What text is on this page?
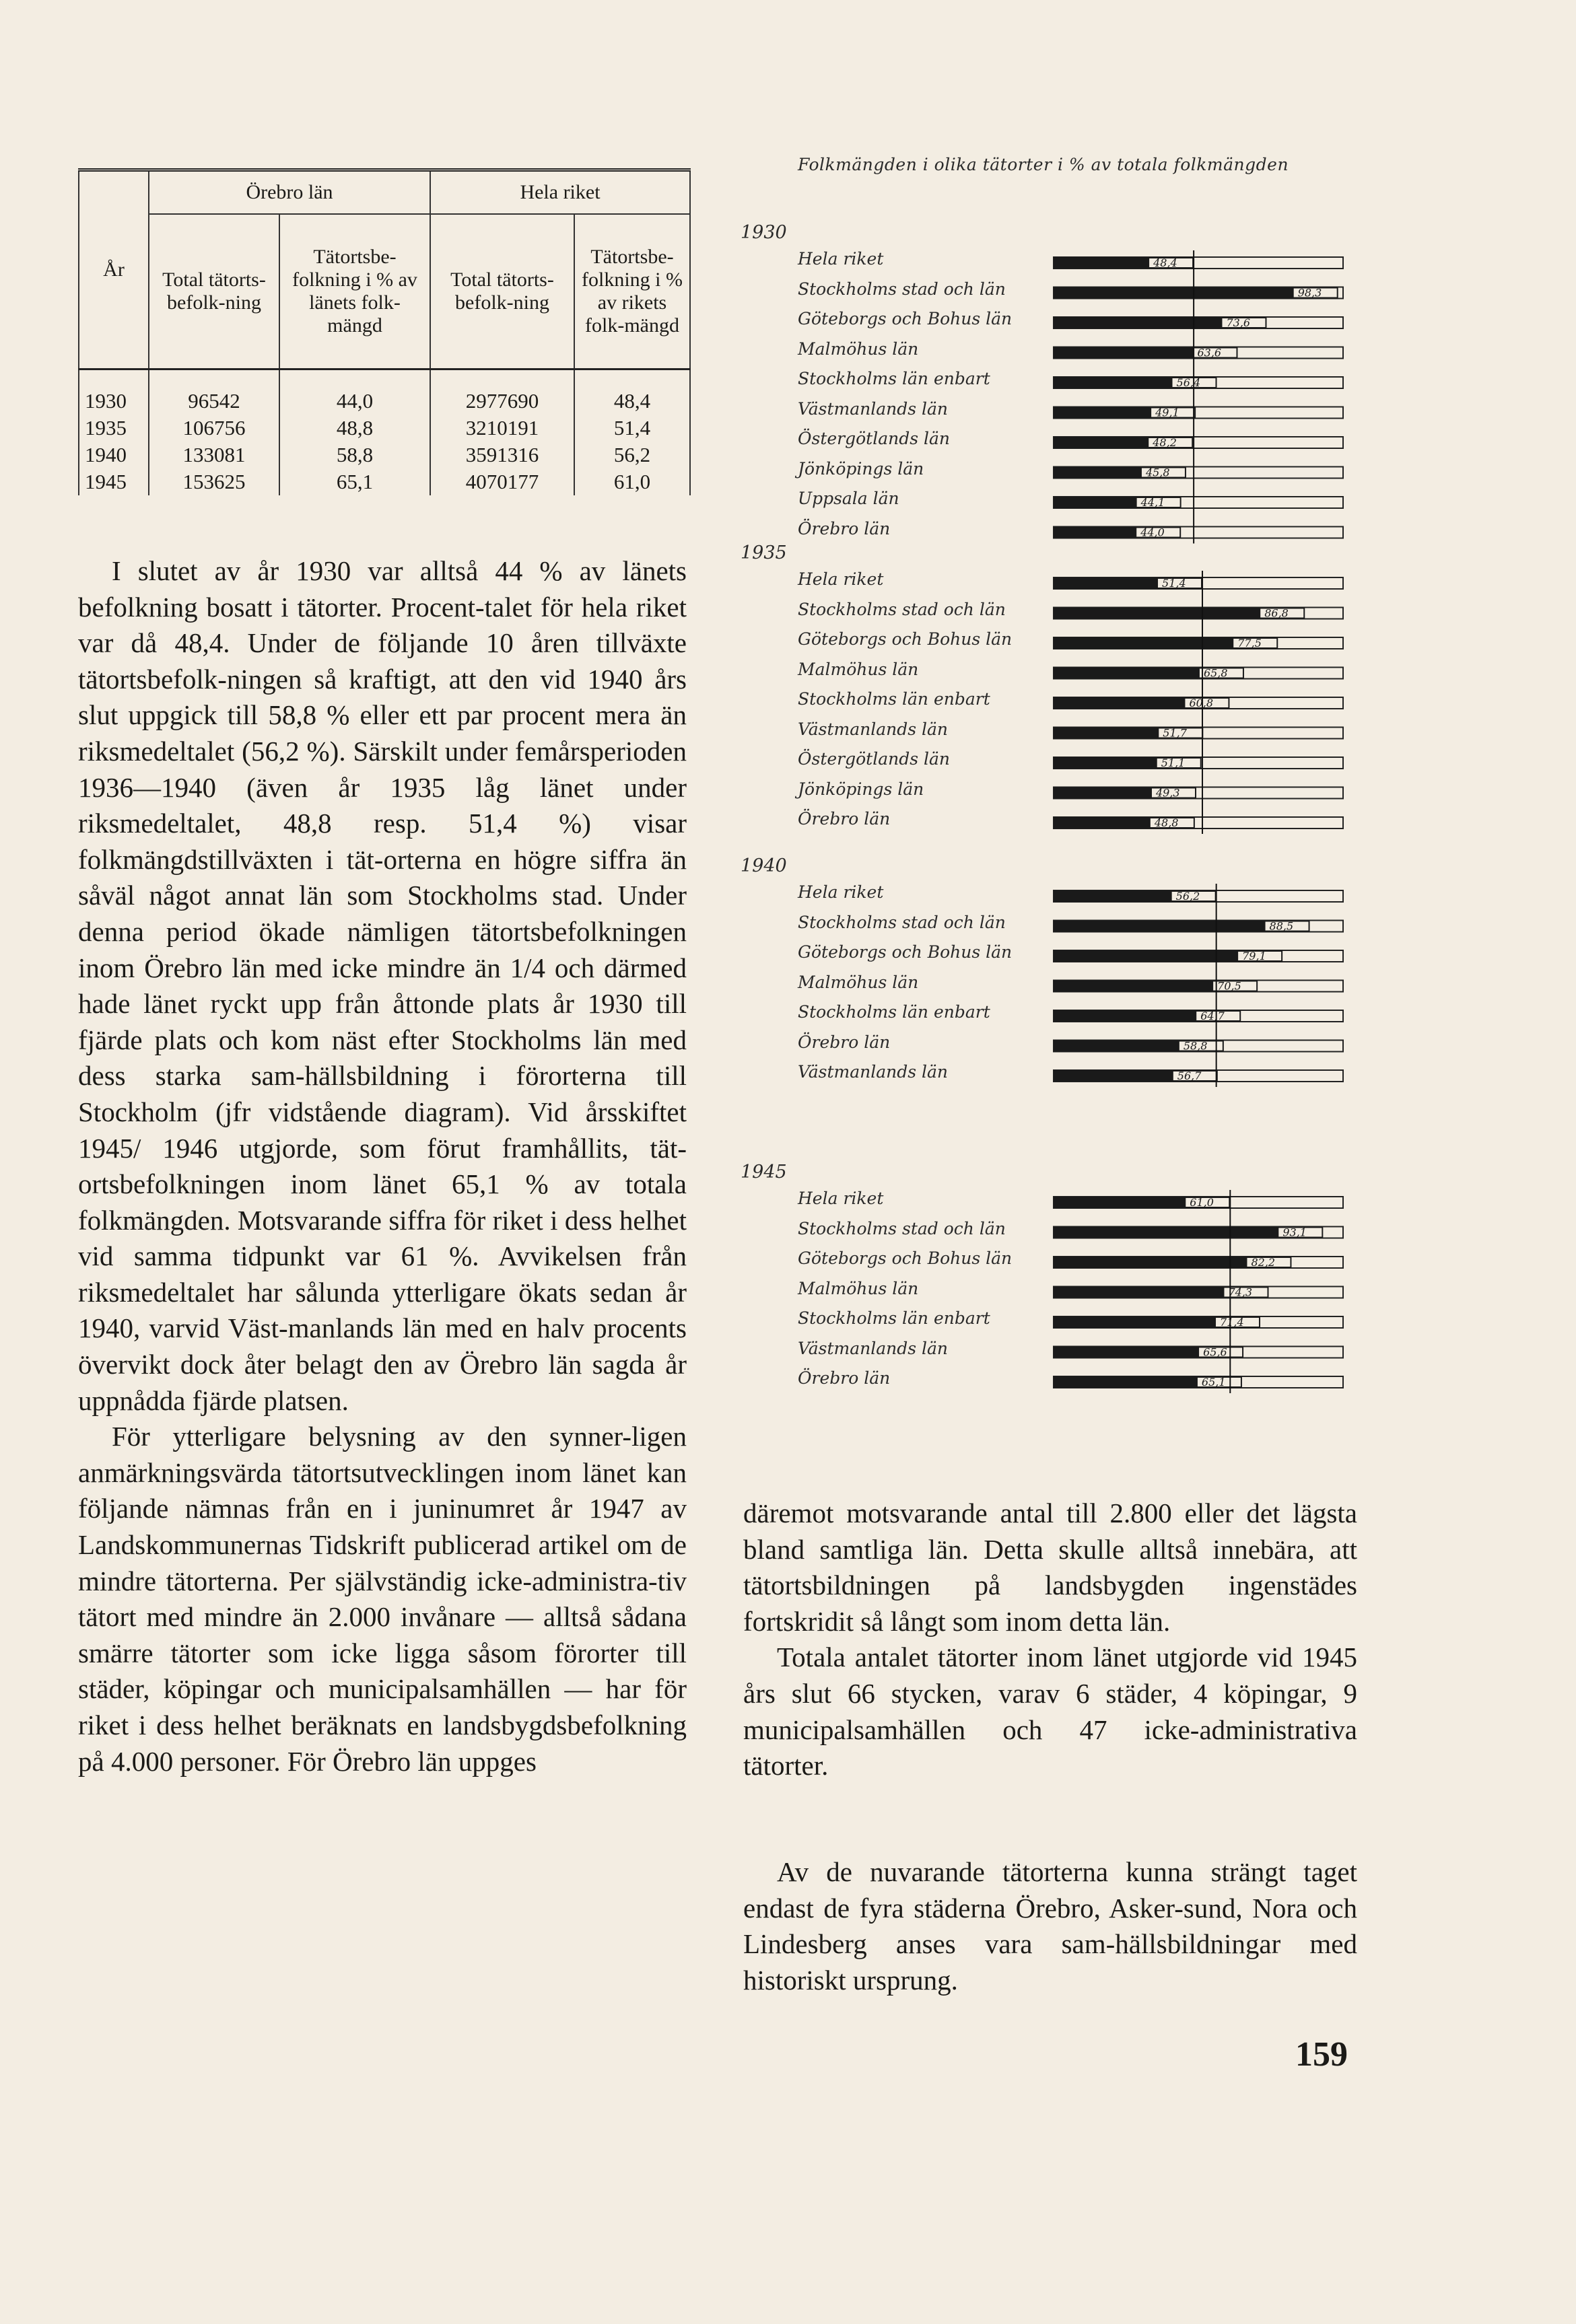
År	Örebro län		Hela riket	
	Total tätorts-befolk-ning	Tätortsbe-folkning i % av länets folk-mängd	Total tätorts-befolk-ning	Tätortsbe-folkning i % av rikets folk-mängd
1930	96542	44,0	2977690	48,4
1935	106756	48,8	3210191	51,4
1940	133081	58,8	3591316	56,2
1945	153625	65,1	4070177	61,0

I slutet av år 1930 var alltså 44 % av länets befolkning bosatt i tätorter. Procent-talet för hela riket var då 48,4. Under de följande 10 åren tillväxte tätortsbefolk-ningen så kraftigt, att den vid 1940 års slut uppgick till 58,8 % eller ett par procent mera än riksmedeltalet (56,2 %). Särskilt under femårsperioden 1936—1940 (även år 1935 låg länet under riksmedeltalet, 48,8 resp. 51,4 %) visar folkmängdstillväxten i tät-orterna en högre siffra än såväl något annat län som Stockholms stad. Under denna period ökade nämligen tätortsbefolkningen inom Örebro län med icke mindre än 1/4 och därmed hade länet ryckt upp från åttonde plats år 1930 till fjärde plats och kom näst efter Stockholms län med dess starka sam-hällsbildning i förorterna till Stockholm (jfr vidstående diagram). Vid årsskiftet 1945/ 1946 utgjorde, som förut framhållits, tät-ortsbefolkningen inom länet 65,1 % av totala folkmängden. Motsvarande siffra för riket i dess helhet vid samma tidpunkt var 61 %. Avvikelsen från riksmedeltalet har sålunda ytterligare ökats sedan år 1940, varvid Väst-manlands län med en halv procents övervikt dock åter belagt den av Örebro län sagda år uppnådda fjärde platsen.

För ytterligare belysning av den synner-ligen anmärkningsvärda tätortsutvecklingen inom länet kan följande nämnas från en i juninumret år 1947 av Landskommunernas Tidskrift publicerad artikel om de mindre tätorterna. Per självständig icke-administra-tiv tätort med mindre än 2.000 invånare — alltså sådana smärre tätorter som icke ligga såsom förorter till städer, köpingar och municipalsamhällen — har för riket i dess helhet beräknats en landsbygdsbefolkning på 4.000 personer. För Örebro län uppges

däremot motsvarande antal till 2.800 eller det lägsta bland samtliga län. Detta skulle alltså innebära, att tätortsbildningen på landsbygden ingenstädes fortskridit så långt som inom detta län.

Totala antalet tätorter inom länet utgjorde vid 1945 års slut 66 stycken, varav 6 städer, 4 köpingar, 9 municipalsamhällen och 47 icke-administrativa tätorter.

Av de nuvarande tätorterna kunna strängt taget endast de fyra städerna Örebro, Asker-sund, Nora och Lindesberg anses vara sam-hällsbildningar med historiskt ursprung.

159
Folkmängden i olika tätorter i % av totala folkmängden
48,4
98,3
73,6
63,6
56,4
49,1
48,2
45,8
44,1
44,0
51,4
86,8
77,5
65,8
60,8
51,7
51,1
49,3
48,8
56,2
88,5
79,1
70,5
64,7
58,8
56,7
61,0
93,1
82,2
74,3
71,4
65,6
65,1
1930
Hela riket
Stockholms stad och län
Göteborgs och Bohus län
Malmöhus län
Stockholms län enbart
Västmanlands län
Östergötlands län
Jönköpings län
Uppsala län
Örebro län
1935
Hela riket
Stockholms stad och län
Göteborgs och Bohus län
Malmöhus län
Stockholms län enbart
Västmanlands län
Östergötlands län
Jönköpings län
Örebro län
1940
Hela riket
Stockholms stad och län
Göteborgs och Bohus län
Malmöhus län
Stockholms län enbart
Örebro län
Västmanlands län
1945
Hela riket
Stockholms stad och län
Göteborgs och Bohus län
Malmöhus län
Stockholms län enbart
Västmanlands län
Örebro län
